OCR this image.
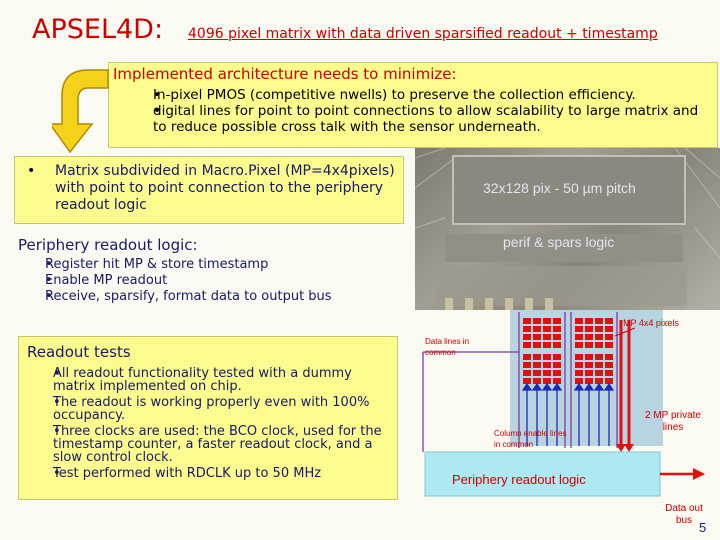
APSEL4D: 4096 pixel matrix with data driven sparsified readout + timestamp
Implemented architecture needs to minimize:
• In-pixel PMOS (competitive nwells) to preserve the collection efficiency.
• digital lines for point to point connections to allow scalability to large matrix and to reduce possible cross talk with the sensor underneath.
• Matrix subdivided in Macro.Pixel (MP=4x4pixels) with point to point connection to the periphery readout logic
Periphery readout logic:
• Register hit MP & store timestamp
• Enable MP readout
• Receive, sparsify, format data to output bus
Readout tests
• All readout functionality tested with a dummy matrix implemented on chip.
• The readout is working properly even with 100% occupancy.
• Three clocks are used: the BCO clock, used for the timestamp counter, a faster readout clock, and a slow control clock.
• Test performed with RDCLK up to 50 MHz
32x128 pix - 50 µm pitch
perif & spars logic
MP 4x4 pixels
Data lines in common
Column enable lines in common
2 MP private lines
Periphery readout logic
Data out bus 5
